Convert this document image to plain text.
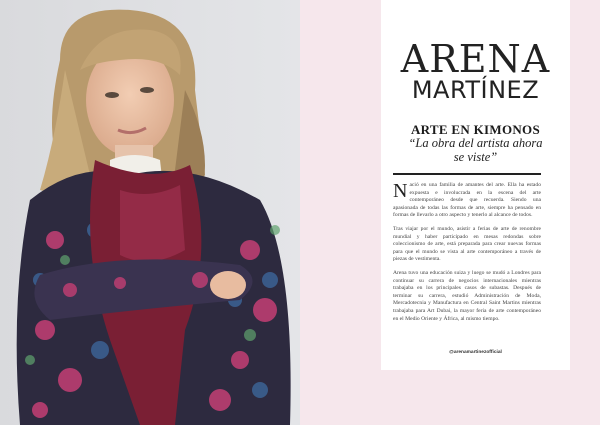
ARENA
MARTÍNEZ
ARTE EN KIMONOS
“La obra del artista ahora se viste”

Nació en una familia de amantes del arte. Ella ha estado expuesta e involucrada en la escena del arte contemporáneo desde que recuerda. Siendo una apasionada de todas las formas de arte, siempre ha pensado en formas de llevarlo a otro aspecto y tenerlo al alcance de todos.

Tras viajar por el mundo, asistir a ferias de arte de renombre mundial y haber participado en mesas redondas sobre coleccionismo de arte, está preparada para crear nuevas formas para que el mundo se vista al arte contemporáneo a través de piezas de vestimenta.

Arena tuvo una educación suiza y luego se mudó a Londres para continuar su carrera de negocios internacionales mientras trabajaba en los principales casos de subastas. Después de terminar su carrera, estudió Administración de Moda, Mercadotecnia y Manufactura en Central Saint Martins mientras trabajaba para Art Dubai, la mayor feria de arte contemporáneo en el Medio Oriente y África, al mismo tiempo.

@arenamartinezofficial
